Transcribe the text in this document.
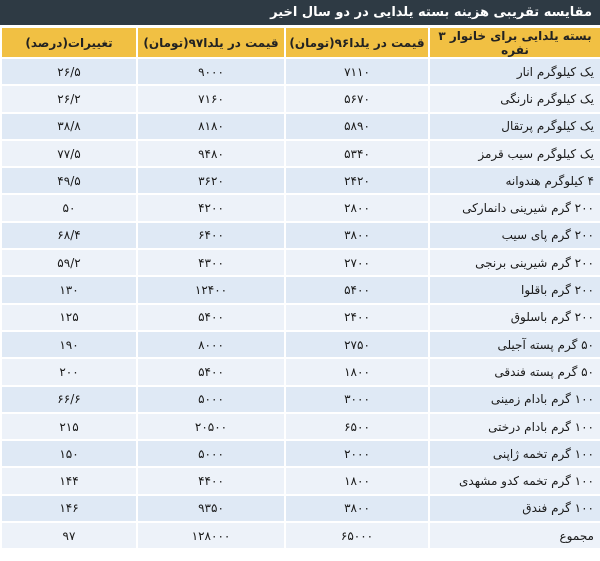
مقایسه تقریبی هزینه بسته یلدایی در دو سال اخیر
بسته یلدایی برای خانوار ۳ نفره	قیمت در یلدا۹۶(تومان)	قیمت در یلدا۹۷(تومان)	تغییرات(درصد)
یک کیلوگرم انار	۷۱۱۰	۹۰۰۰	۲۶/۵
یک کیلوگرم نارنگی	۵۶۷۰	۷۱۶۰	۲۶/۲
یک کیلوگرم پرتقال	۵۸۹۰	۸۱۸۰	۳۸/۸
یک کیلوگرم سیب قرمز	۵۳۴۰	۹۴۸۰	۷۷/۵
۴ کیلوگرم هندوانه	۲۴۲۰	۳۶۲۰	۴۹/۵
۲۰۰ گرم شیرینی دانمارکی	۲۸۰۰	۴۲۰۰	۵۰
۲۰۰ گرم پای سیب	۳۸۰۰	۶۴۰۰	۶۸/۴
۲۰۰ گرم شیرینی برنجی	۲۷۰۰	۴۳۰۰	۵۹/۲
۲۰۰ گرم باقلوا	۵۴۰۰	۱۲۴۰۰	۱۳۰
۲۰۰ گرم باسلوق	۲۴۰۰	۵۴۰۰	۱۲۵
۵۰ گرم پسته آجیلی	۲۷۵۰	۸۰۰۰	۱۹۰
۵۰ گرم پسته فندقی	۱۸۰۰	۵۴۰۰	۲۰۰
۱۰۰ گرم بادام زمینی	۳۰۰۰	۵۰۰۰	۶۶/۶
۱۰۰ گرم بادام درختی	۶۵۰۰	۲۰۵۰۰	۲۱۵
۱۰۰ گرم تخمه ژاپنی	۲۰۰۰	۵۰۰۰	۱۵۰
۱۰۰ گرم تخمه کدو مشهدی	۱۸۰۰	۴۴۰۰	۱۴۴
۱۰۰ گرم فندق	۳۸۰۰	۹۳۵۰	۱۴۶
مجموع	۶۵۰۰۰	۱۲۸۰۰۰	۹۷
